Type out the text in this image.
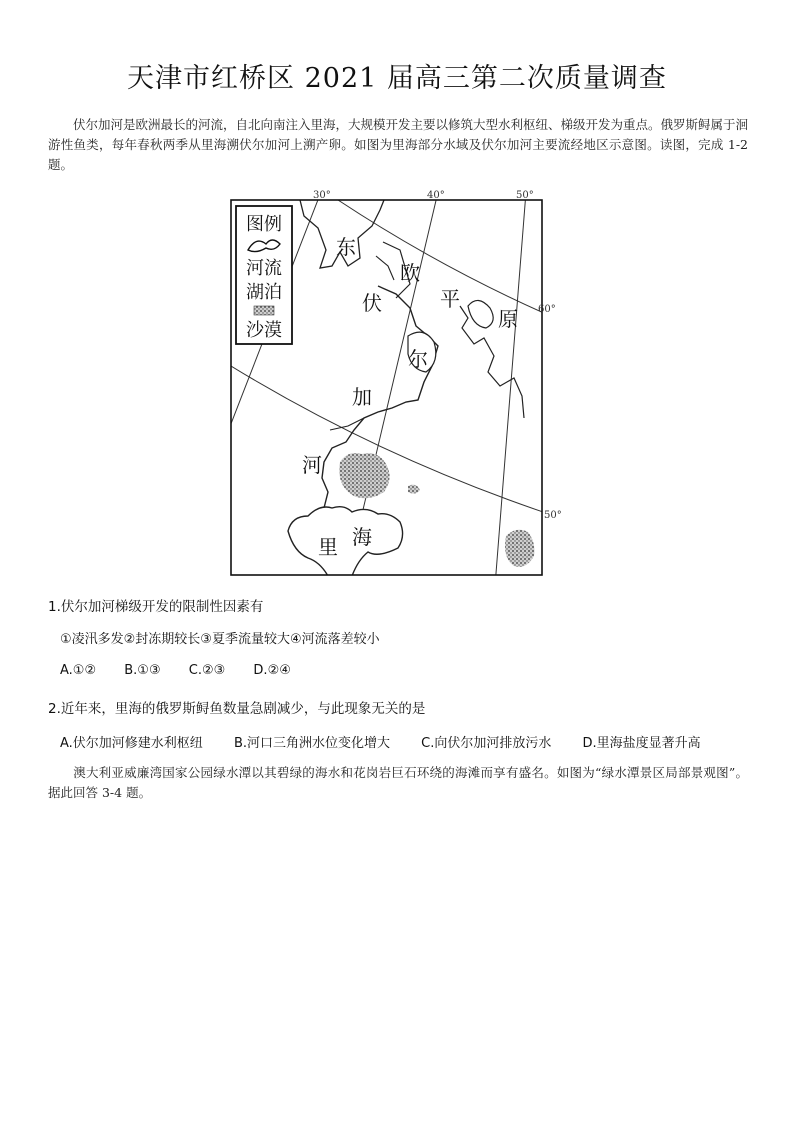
天津市红桥区 2021 届高三第二次质量调查

伏尔加河是欧洲最长的河流，自北向南注入里海，大规模开发主要以修筑大型水利枢纽、梯级开发为重点。俄罗斯鲟属于洄游性鱼类，每年春秋两季从里海溯伏尔加河上溯产卵。如图为里海部分水域及伏尔加河主要流经地区示意图。读图，完成 1-2 题。

30°	40°	50°
60°
50°
图例
河流
湖泊
沙漠
东
欧
平
原
伏
尔
加
河
里 海

1.伏尔加河梯级开发的限制性因素有

①凌汛多发②封冻期较长③夏季流量较大④河流落差较小
A.①② B.①③ C.②③ D.②④

2.近年来，里海的俄罗斯鲟鱼数量急剧减少，与此现象无关的是

A.伏尔加河修建水利枢纽 B.河口三角洲水位变化增大 C.向伏尔加河排放污水 D.里海盐度显著升高

澳大利亚威廉湾国家公园绿水潭以其碧绿的海水和花岗岩巨石环绕的海滩而享有盛名。如图为“绿水潭景区局部景观图”。据此回答 3-4 题。
